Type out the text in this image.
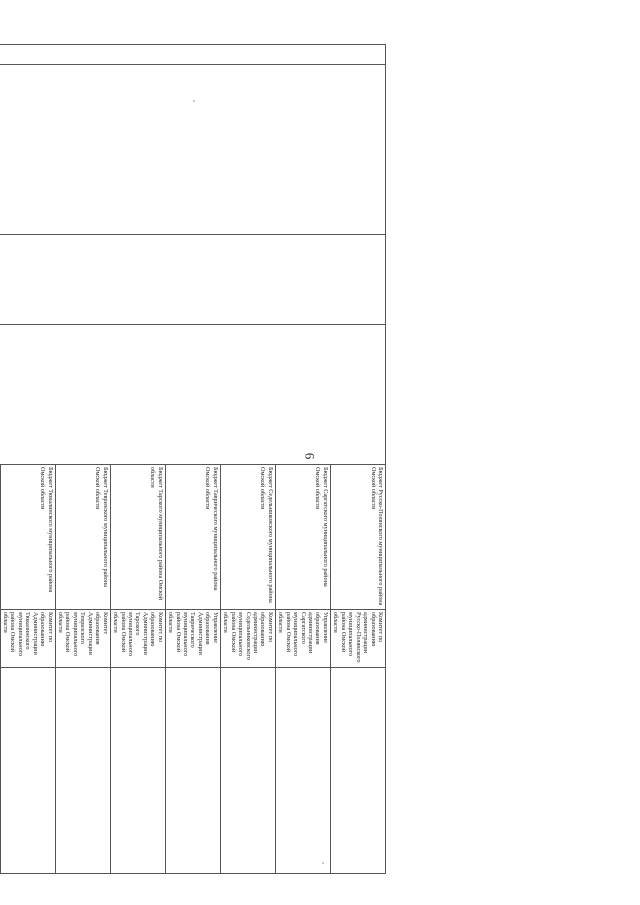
6
				Бюджет Русско-Полянского муниципального района Омской области	Комитет по образованию администрации Русско-Полянского муниципального района Омской области		
				Бюджет Саргатского муниципального района Омской области	Управление образования администрации Саргатского муниципального района Омской области		
				Бюджет Седельниковского муниципального района Омской области	Комитет по образованию администрации Седельниковского муниципального района Омской области		
				Бюджет Таврического муниципального района Омской области	Управление образования Администрации Таврического муниципального района Омской области		
				Бюджет Тарского муниципального района Омской области	Комитет по образованию Администрации Тарского муниципального района Омской области		
				Бюджет Тевризского муниципального района Омской области	Комитет образования Администрации Тевризского муниципального района Омской области		
				Бюджет Тюкалинского муниципального района Омской области	Комитет по образованию Администрации Тюкалинского муниципального района Омской области		
